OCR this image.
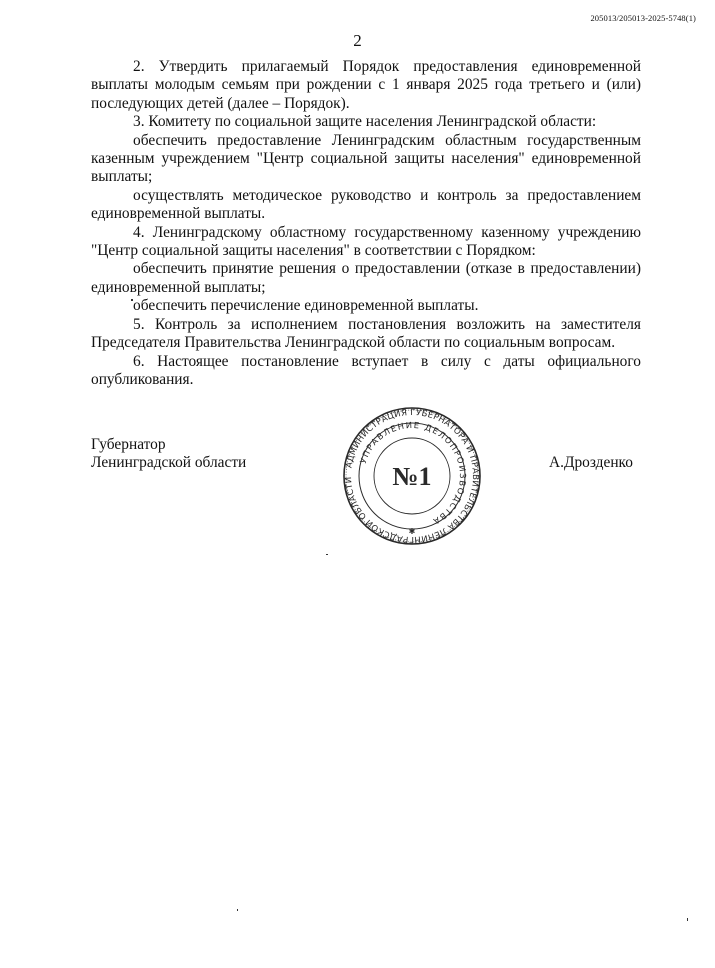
205013/205013-2025-5748(1)
2

2. Утвердить прилагаемый Порядок предоставления единовременной выплаты молодым семьям при рождении с 1 января 2025 года третьего и (или) последующих детей (далее – Порядок).

3. Комитету по социальной защите населения Ленинградской области:

обеспечить предоставление Ленинградским областным государственным казенным учреждением "Центр социальной защиты населения" единовременной выплаты;

осуществлять методическое руководство и контроль за предоставлением единовременной выплаты.

4. Ленинградскому областному государственному казенному учреждению "Центр социальной защиты населения" в соответствии с Порядком:

обеспечить принятие решения о предоставлении (отказе в предоставлении) единовременной выплаты;

обеспечить перечисление единовременной выплаты.

5. Контроль за исполнением постановления возложить на заместителя Председателя Правительства Ленинградской области по социальным вопросам.

6. Настоящее постановление вступает в силу с даты официального опубликования.

Губернатор
Ленинградской области	А.Дрозденко
АДМИНИСТРАЦИЯ ГУБЕРНАТОРА И ПРАВИТЕЛЬСТВА ЛЕНИНГРАДСКОЙ ОБЛАСТИ
УПРАВЛЕНИЕ ДЕЛОПРОИЗВОДСТВА
№1
✱
